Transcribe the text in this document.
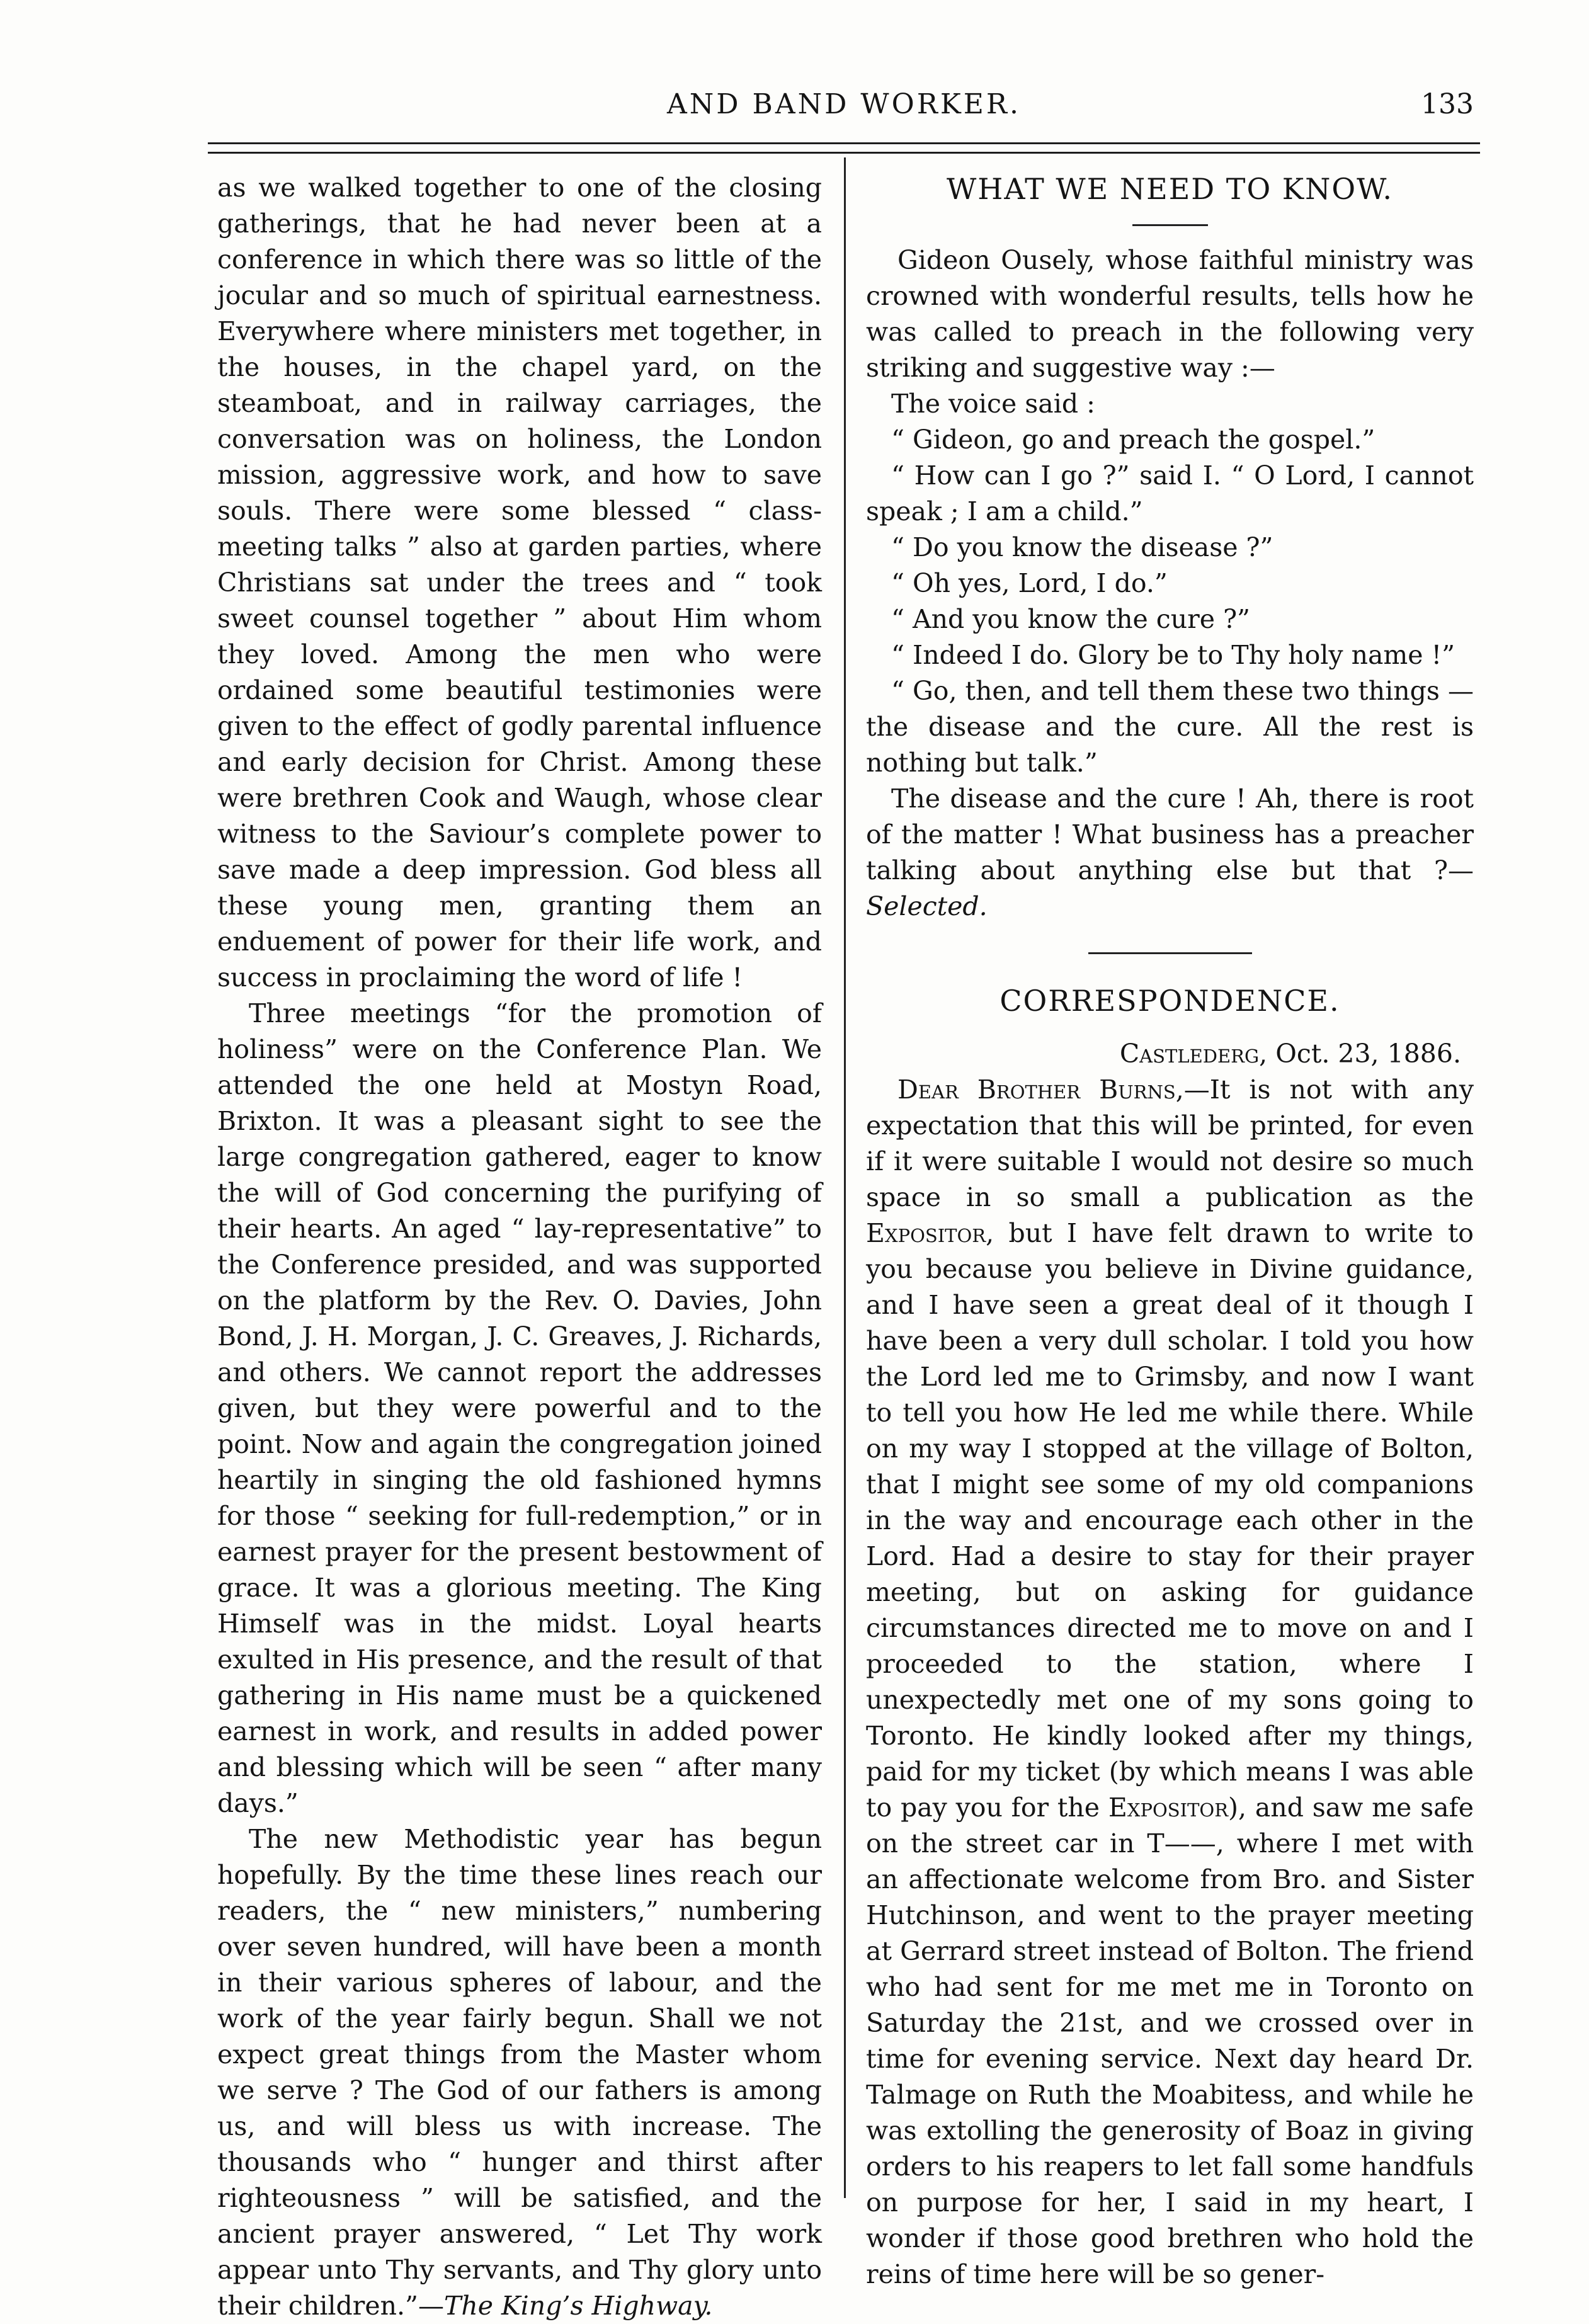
AND BAND WORKER.	133

as we walked together to one of the closing gatherings, that he had never been at a conference in which there was so little of the jocular and so much of spiritual earnestness. Everywhere where ministers met together, in the houses, in the chapel yard, on the steamboat, and in railway carriages, the conversation was on holiness, the London mission, aggressive work, and how to save souls. There were some blessed “ class-meeting talks ” also at garden parties, where Christians sat under the trees and “ took sweet counsel together ” about Him whom they loved. Among the men who were ordained some beautiful testimonies were given to the effect of godly parental influence and early decision for Christ. Among these were brethren Cook and Waugh, whose clear witness to the Saviour’s complete power to save made a deep impression. God bless all these young men, granting them an enduement of power for their life work, and success in proclaiming the word of life !

Three meetings “for the promotion of holiness” were on the Conference Plan. We attended the one held at Mostyn Road, Brixton. It was a pleasant sight to see the large congregation gathered, eager to know the will of God concerning the purifying of their hearts. An aged “ lay-representative” to the Conference presided, and was supported on the platform by the Rev. O. Davies, John Bond, J. H. Morgan, J. C. Greaves, J. Richards, and others. We cannot report the addresses given, but they were powerful and to the point. Now and again the congregation joined heartily in singing the old fashioned hymns for those “ seeking for full-redemption,” or in earnest prayer for the present bestowment of grace. It was a glorious meeting. The King Himself was in the midst. Loyal hearts exulted in His presence, and the result of that gathering in His name must be a quickened earnest in work, and results in added power and blessing which will be seen “ after many days.”

The new Methodistic year has begun hopefully. By the time these lines reach our readers, the “ new ministers,” numbering over seven hundred, will have been a month in their various spheres of labour, and the work of the year fairly begun. Shall we not expect great things from the Master whom we serve ? The God of our fathers is among us, and will bless us with increase. The thousands who “ hunger and thirst after righteousness ” will be satisfied, and the ancient prayer answered, “ Let Thy work appear unto Thy servants, and Thy glory unto their children.”—The King’s Highway.

WHAT WE NEED TO KNOW.

Gideon Ousely, whose faithful ministry was crowned with wonderful results, tells how he was called to preach in the following very striking and suggestive way :—

The voice said :

“ Gideon, go and preach the gospel.”

“ How can I go ?” said I. “ O Lord, I cannot speak ; I am a child.”

“ Do you know the disease ?”

“ Oh yes, Lord, I do.”

“ And you know the cure ?”

“ Indeed I do. Glory be to Thy holy name !”

“ Go, then, and tell them these two things —the disease and the cure. All the rest is nothing but talk.”

The disease and the cure ! Ah, there is root of the matter ! What business has a preacher talking about anything else but that ?—Selected.

CORRESPONDENCE.

Castlederg, Oct. 23, 1886.

Dear Brother Burns,—It is not with any expectation that this will be printed, for even if it were suitable I would not desire so much space in so small a publication as the Expositor, but I have felt drawn to write to you because you believe in Divine guidance, and I have seen a great deal of it though I have been a very dull scholar. I told you how the Lord led me to Grimsby, and now I want to tell you how He led me while there. While on my way I stopped at the village of Bolton, that I might see some of my old companions in the way and encourage each other in the Lord. Had a desire to stay for their prayer meeting, but on asking for guidance circumstances directed me to move on and I proceeded to the station, where I unexpectedly met one of my sons going to Toronto. He kindly looked after my things, paid for my ticket (by which means I was able to pay you for the Expositor), and saw me safe on the street car in T——, where I met with an affectionate welcome from Bro. and Sister Hutchinson, and went to the prayer meeting at Gerrard street instead of Bolton. The friend who had sent for me met me in Toronto on Saturday the 21st, and we crossed over in time for evening service. Next day heard Dr. Talmage on Ruth the Moabitess, and while he was extolling the generosity of Boaz in giving orders to his reapers to let fall some handfuls on purpose for her, I said in my heart, I wonder if those good brethren who hold the reins of time here will be so gener-
